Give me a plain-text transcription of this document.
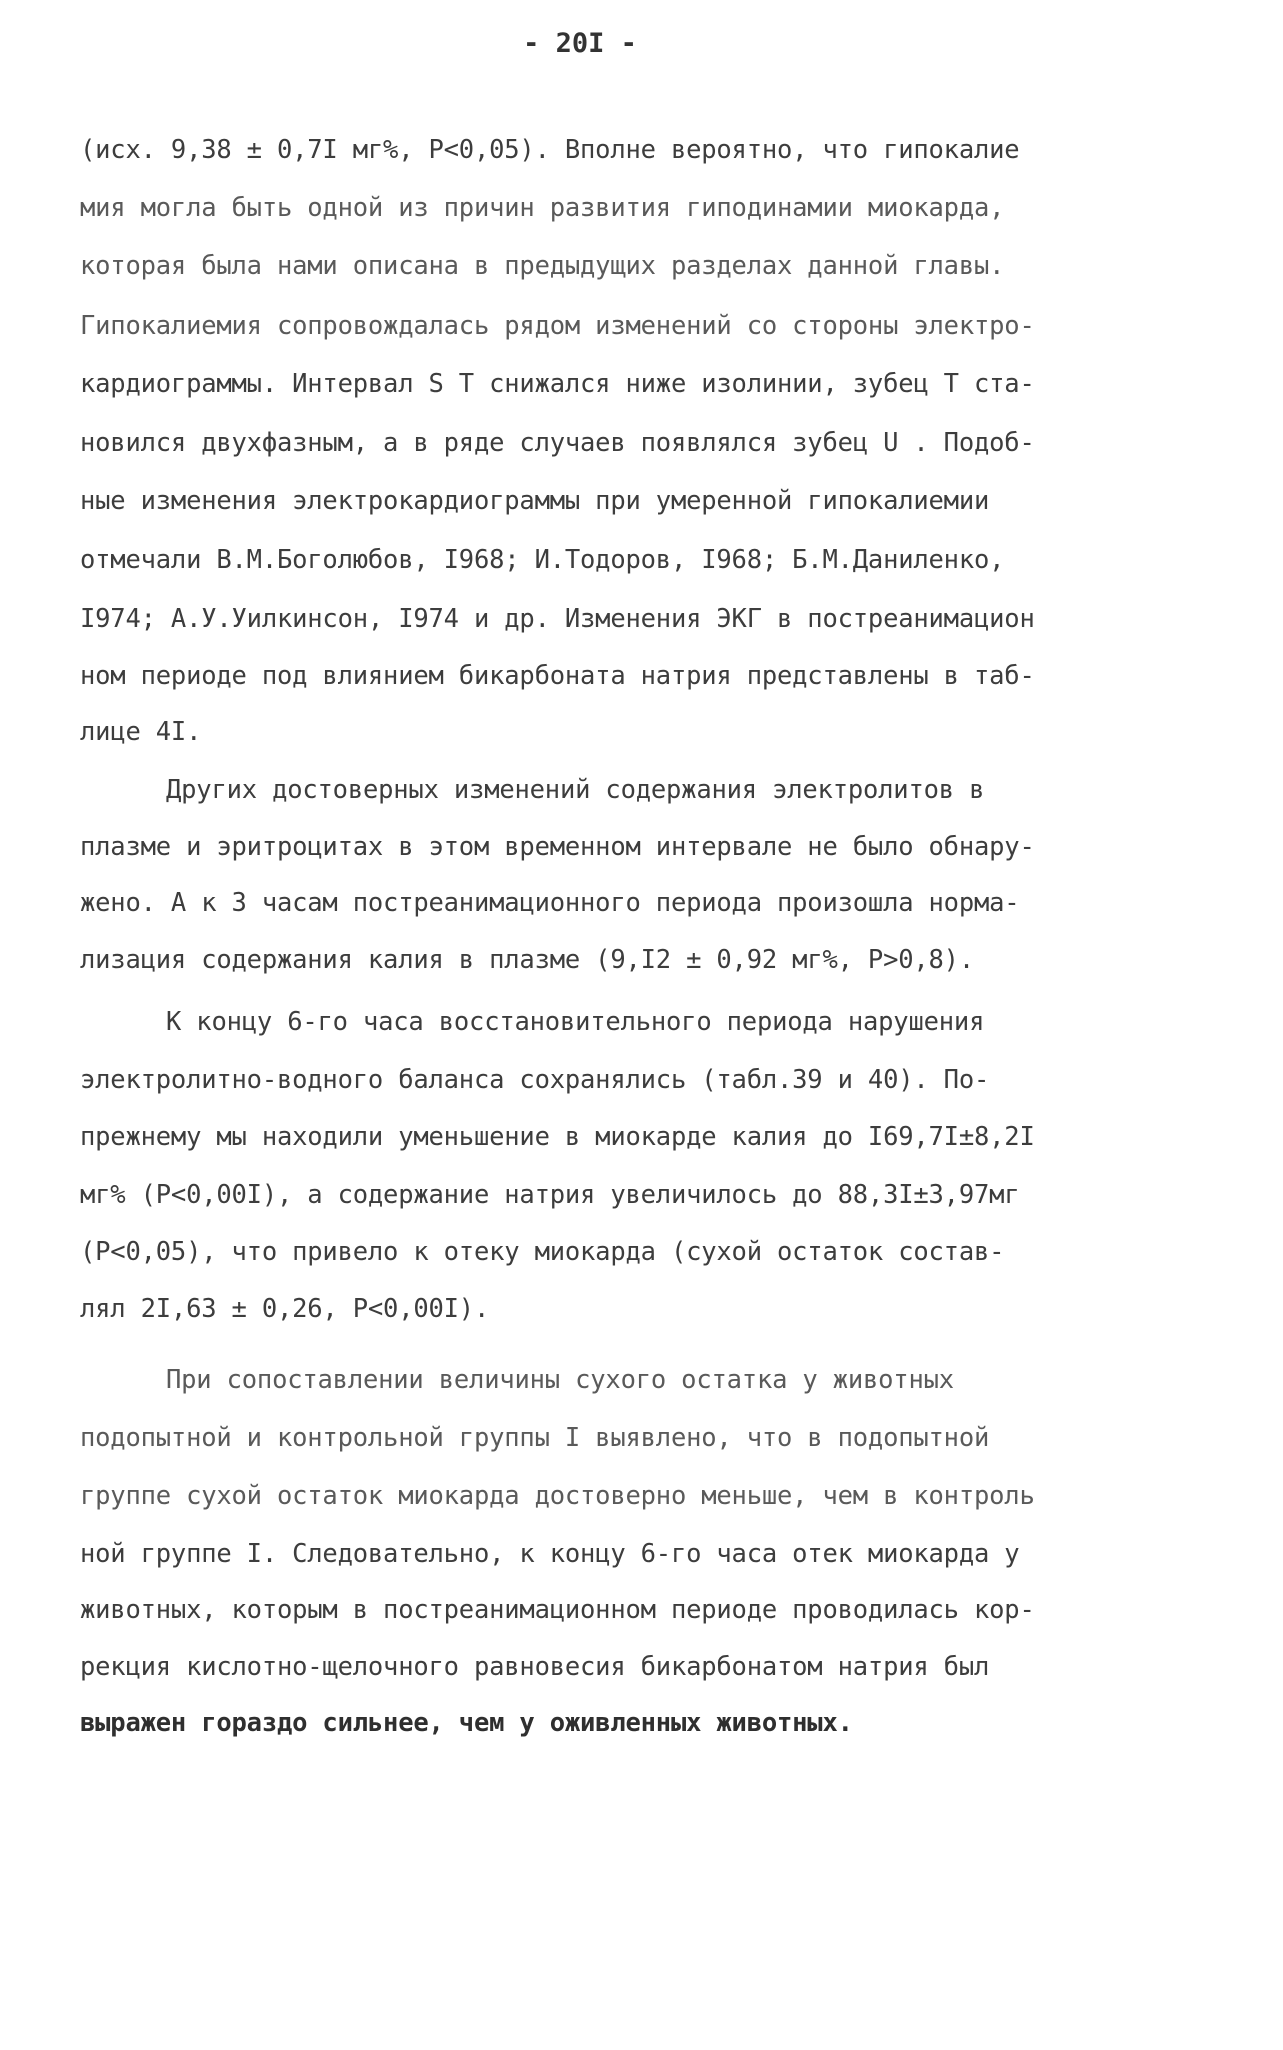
- 20I -
(исх. 9,38 ± 0,7I мг%, P<0,05). Вполне вероятно, что гипокалие
мия могла быть одной из причин развития гиподинамии миокарда,
которая была нами описана в предыдущих разделах данной главы.
Гипокалиемия сопровождалась рядом изменений со стороны электро-
кардиограммы. Интервал S T снижался ниже изолинии, зубец T ста-
новился двухфазным, а в ряде случаев появлялся зубец U . Подоб-
ные изменения электрокардиограммы при умеренной гипокалиемии
отмечали В.М.Боголюбов, I968; И.Тодоров, I968; Б.М.Даниленко,
I974; А.У.Уилкинсон, I974 и др. Изменения ЭКГ в постреанимацион
ном периоде под влиянием бикарбоната натрия представлены в таб-
лице 4I.
Других достоверных изменений содержания электролитов в
плазме и эритроцитах в этом временном интервале не было обнару-
жено. А к 3 часам постреанимационного периода произошла норма-
лизация содержания калия в плазме (9,I2 ± 0,92 мг%, P>0,8).
К концу 6-го часа восстановительного периода нарушения
электролитно-водного баланса сохранялись (табл.39 и 40). По-
прежнему мы находили уменьшение в миокарде калия до I69,7I±8,2I
мг% (P<0,00I), а содержание натрия увеличилось до 88,3I±3,97мг
(P<0,05), что привело к отеку миокарда (сухой остаток состав-
лял 2I,63 ± 0,26, P<0,00I).
При сопоставлении величины сухого остатка у животных
подопытной и контрольной группы I выявлено, что в подопытной
группе сухой остаток миокарда достоверно меньше, чем в контроль
ной группе I. Следовательно, к концу 6-го часа отек миокарда у
животных, которым в постреанимационном периоде проводилась кор-
рекция кислотно-щелочного равновесия бикарбонатом натрия был
выражен гораздо сильнее, чем у оживленных животных.
